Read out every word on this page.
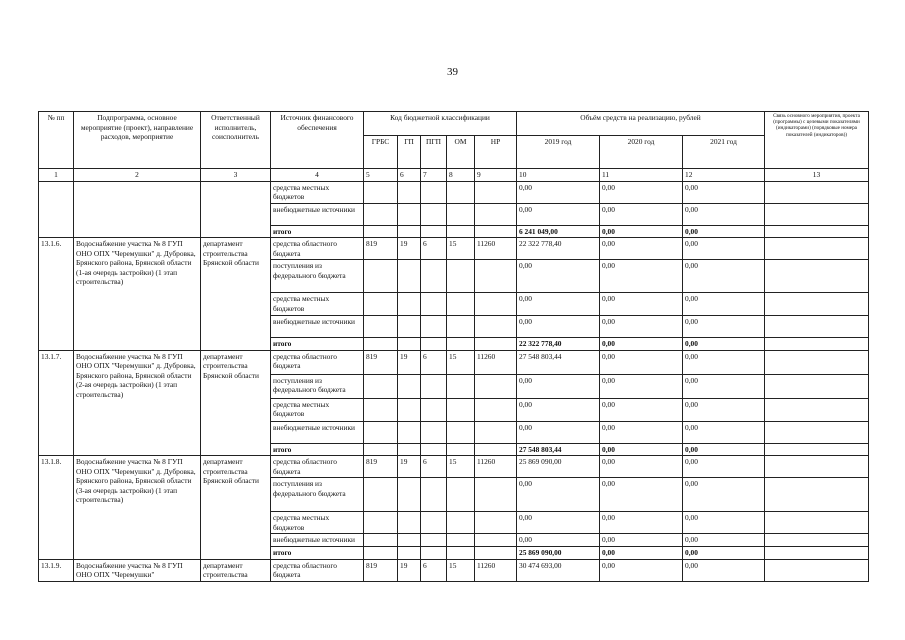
39
№ пп	Подпрограмма, основное мероприятие (проект), направление расходов, мероприятие	Ответственный исполнитель, соисполнитель	Источник финансового обеспечения	Код бюджетной классификации					Объём средств на реализацию, рублей			Связь основного мероприятия, проекта (программы) с целевыми показателями (индикаторами) (порядковые номера показателей (индикаторов))
				ГРБС	ГП	ПГП	ОМ	НР	2019 год	2020 год	2021 год	
1	2	3	4	5	6	7	8	9	10	11	12	13
			средства местных бюджетов						0,00	0,00	0,00	
			внебюджетные источники						0,00	0,00	0,00	
			итого						6 241 049,00	0,00	0,00	
13.1.6.	Водоснабжение участка № 8 ГУП ОНО ОПХ "Черемушки" д. Дубровка, Брянского района, Брянской области (1-ая очередь застройки) (1 этап строительства)	департамент строительства Брянской области	средства областного бюджета	819	19	6	15	11260	22 322 778,40	0,00	0,00	
			поступления из федерального бюджета						0,00	0,00	0,00	
			средства местных бюджетов						0,00	0,00	0,00	
			внебюджетные источники						0,00	0,00	0,00	
			итого						22 322 778,40	0,00	0,00	
13.1.7.	Водоснабжение участка № 8 ГУП ОНО ОПХ "Черемушки" д. Дубровка, Брянского района, Брянской области (2-ая очередь застройки) (1 этап строительства)	департамент строительства Брянской области	средства областного бюджета	819	19	6	15	11260	27 548 803,44	0,00	0,00	
			поступления из федерального бюджета						0,00	0,00	0,00	
			средства местных бюджетов						0,00	0,00	0,00	
			внебюджетные источники						0,00	0,00	0,00	
			итого						27 548 803,44	0,00	0,00	
13.1.8.	Водоснабжение участка № 8 ГУП ОНО ОПХ "Черемушки" д. Дубровка, Брянского района, Брянской области (3-ая очередь застройки) (1 этап строительства)	департамент строительства Брянской области	средства областного бюджета	819	19	6	15	11260	25 869 090,00	0,00	0,00	
			поступления из федерального бюджета						0,00	0,00	0,00	
			средства местных бюджетов						0,00	0,00	0,00	
			внебюджетные источники						0,00	0,00	0,00	
			итого						25 869 090,00	0,00	0,00	
13.1.9.	Водоснабжение участка № 8 ГУП ОНО ОПХ "Черемушки"	департамент строительства	средства областного бюджета	819	19	6	15	11260	30 474 693,00	0,00	0,00	
